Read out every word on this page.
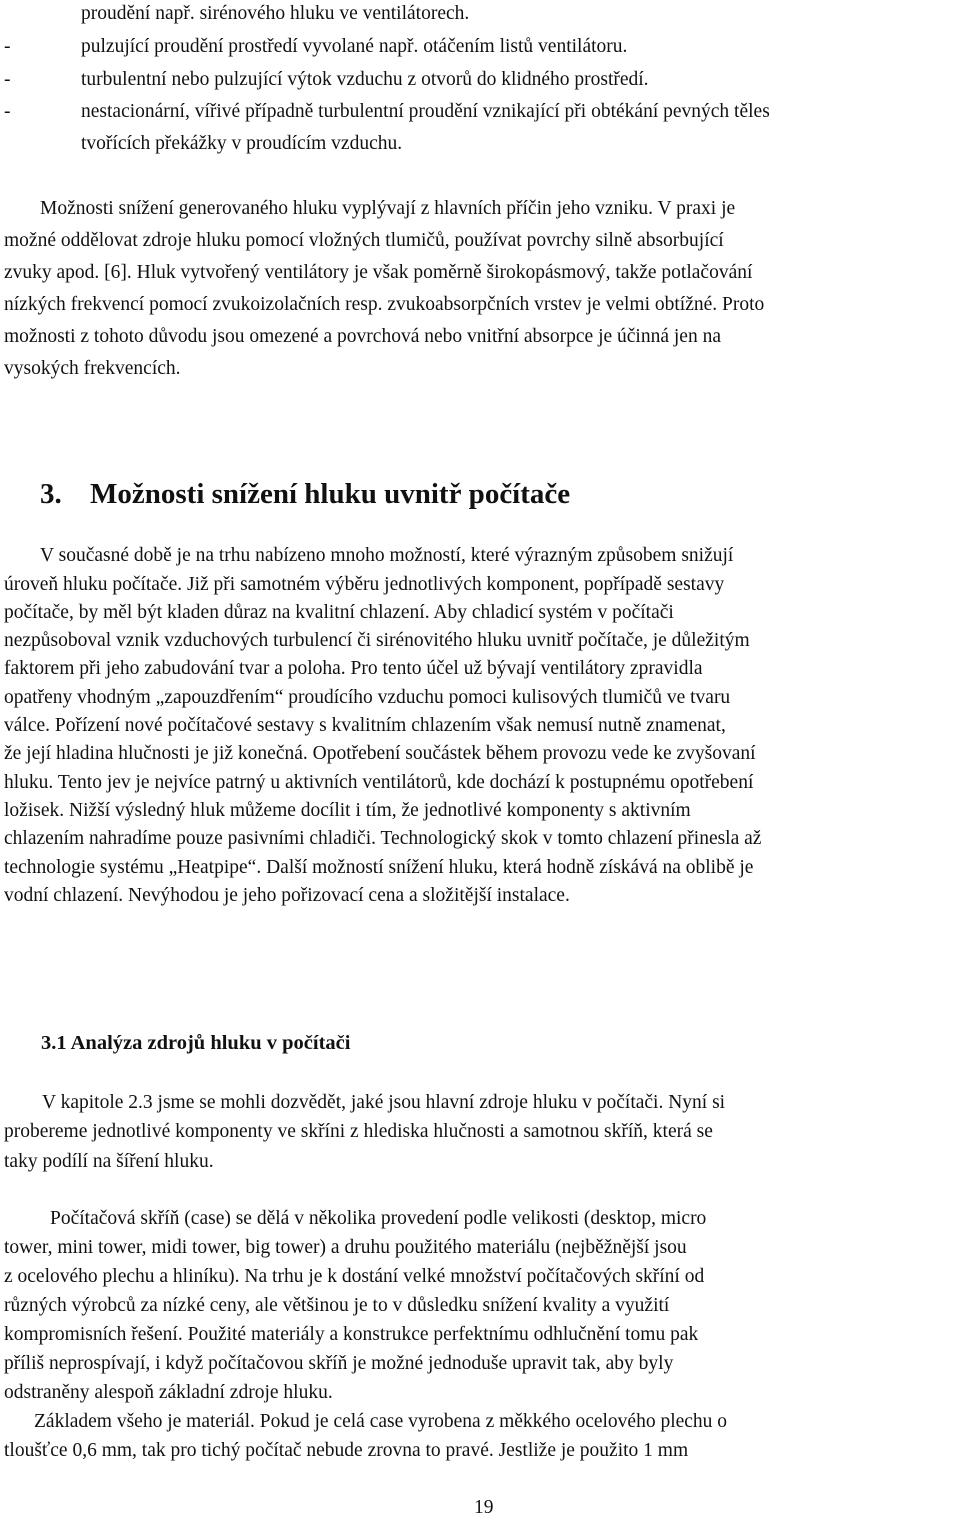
proudění např. sirénového hluku ve ventilátorech.
-	pulzující proudění prostředí vyvolané např. otáčením listů ventilátoru.
-	turbulentní nebo pulzující výtok vzduchu z otvorů do klidného prostředí.
-	nestacionární, vířivé případně turbulentní proudění vznikající při obtékání pevných těles
tvořících překážky v proudícím vzduchu.
Možnosti snížení generovaného hluku vyplývají z hlavních příčin jeho vzniku. V praxi je
možné oddělovat zdroje hluku pomocí vložných tlumičů, používat povrchy silně absorbující
zvuky apod. [6]. Hluk vytvořený ventilátory je však poměrně širokopásmový, takže potlačování
nízkých frekvencí pomocí zvukoizolačních resp. zvukoabsorpčních vrstev je velmi obtížné. Proto
možnosti z tohoto důvodu jsou omezené a povrchová nebo vnitřní absorpce je účinná jen na
vysokých frekvencích.
3. Možnosti snížení hluku uvnitř počítače
V současné době je na trhu nabízeno mnoho možností, které výrazným způsobem snižují
úroveň hluku počítače. Již při samotném výběru jednotlivých komponent, popřípadě sestavy
počítače, by měl být kladen důraz na kvalitní chlazení. Aby chladicí systém v počítači
nezpůsoboval vznik vzduchových turbulencí či sirénovitého hluku uvnitř počítače, je důležitým
faktorem při jeho zabudování tvar a poloha. Pro tento účel už bývají ventilátory zpravidla
opatřeny vhodným „zapouzdřením“ proudícího vzduchu pomoci kulisových tlumičů ve tvaru
válce. Pořízení nové počítačové sestavy s kvalitním chlazením však nemusí nutně znamenat,
že její hladina hlučnosti je již konečná. Opotřebení součástek během provozu vede ke zvyšovaní
hluku. Tento jev je nejvíce patrný u aktivních ventilátorů, kde dochází k postupnému opotřebení
ložisek. Nižší výsledný hluk můžeme docílit i tím, že jednotlivé komponenty s aktivním
chlazením nahradíme pouze pasivními chladiči. Technologický skok v tomto chlazení přinesla až
technologie systému „Heatpipe“. Další možností snížení hluku, která hodně získává na oblibě je
vodní chlazení. Nevýhodou je jeho pořizovací cena a složitější instalace.
3.1 Analýza zdrojů hluku v počítači
V kapitole 2.3 jsme se mohli dozvědět, jaké jsou hlavní zdroje hluku v počítači. Nyní si
probereme jednotlivé komponenty ve skříni z hlediska hlučnosti a samotnou skříň, která se
taky podílí na šíření hluku.
Počítačová skříň (case) se dělá v několika provedení podle velikosti (desktop, micro
tower, mini tower, midi tower, big tower) a druhu použitého materiálu (nejběžnější jsou
z ocelového plechu a hliníku). Na trhu je k dostání velké množství počítačových skříní od
různých výrobců za nízké ceny, ale většinou je to v důsledku snížení kvality a využití
kompromisních řešení. Použité materiály a konstrukce perfektnímu odhlučnění tomu pak
příliš neprospívají, i když počítačovou skříň je možné jednoduše upravit tak, aby byly
odstraněny alespoň základní zdroje hluku.
Základem všeho je materiál. Pokud je celá case vyrobena z měkkého ocelového plechu o
tloušťce 0,6 mm, tak pro tichý počítač nebude zrovna to pravé. Jestliže je použito 1 mm
19
